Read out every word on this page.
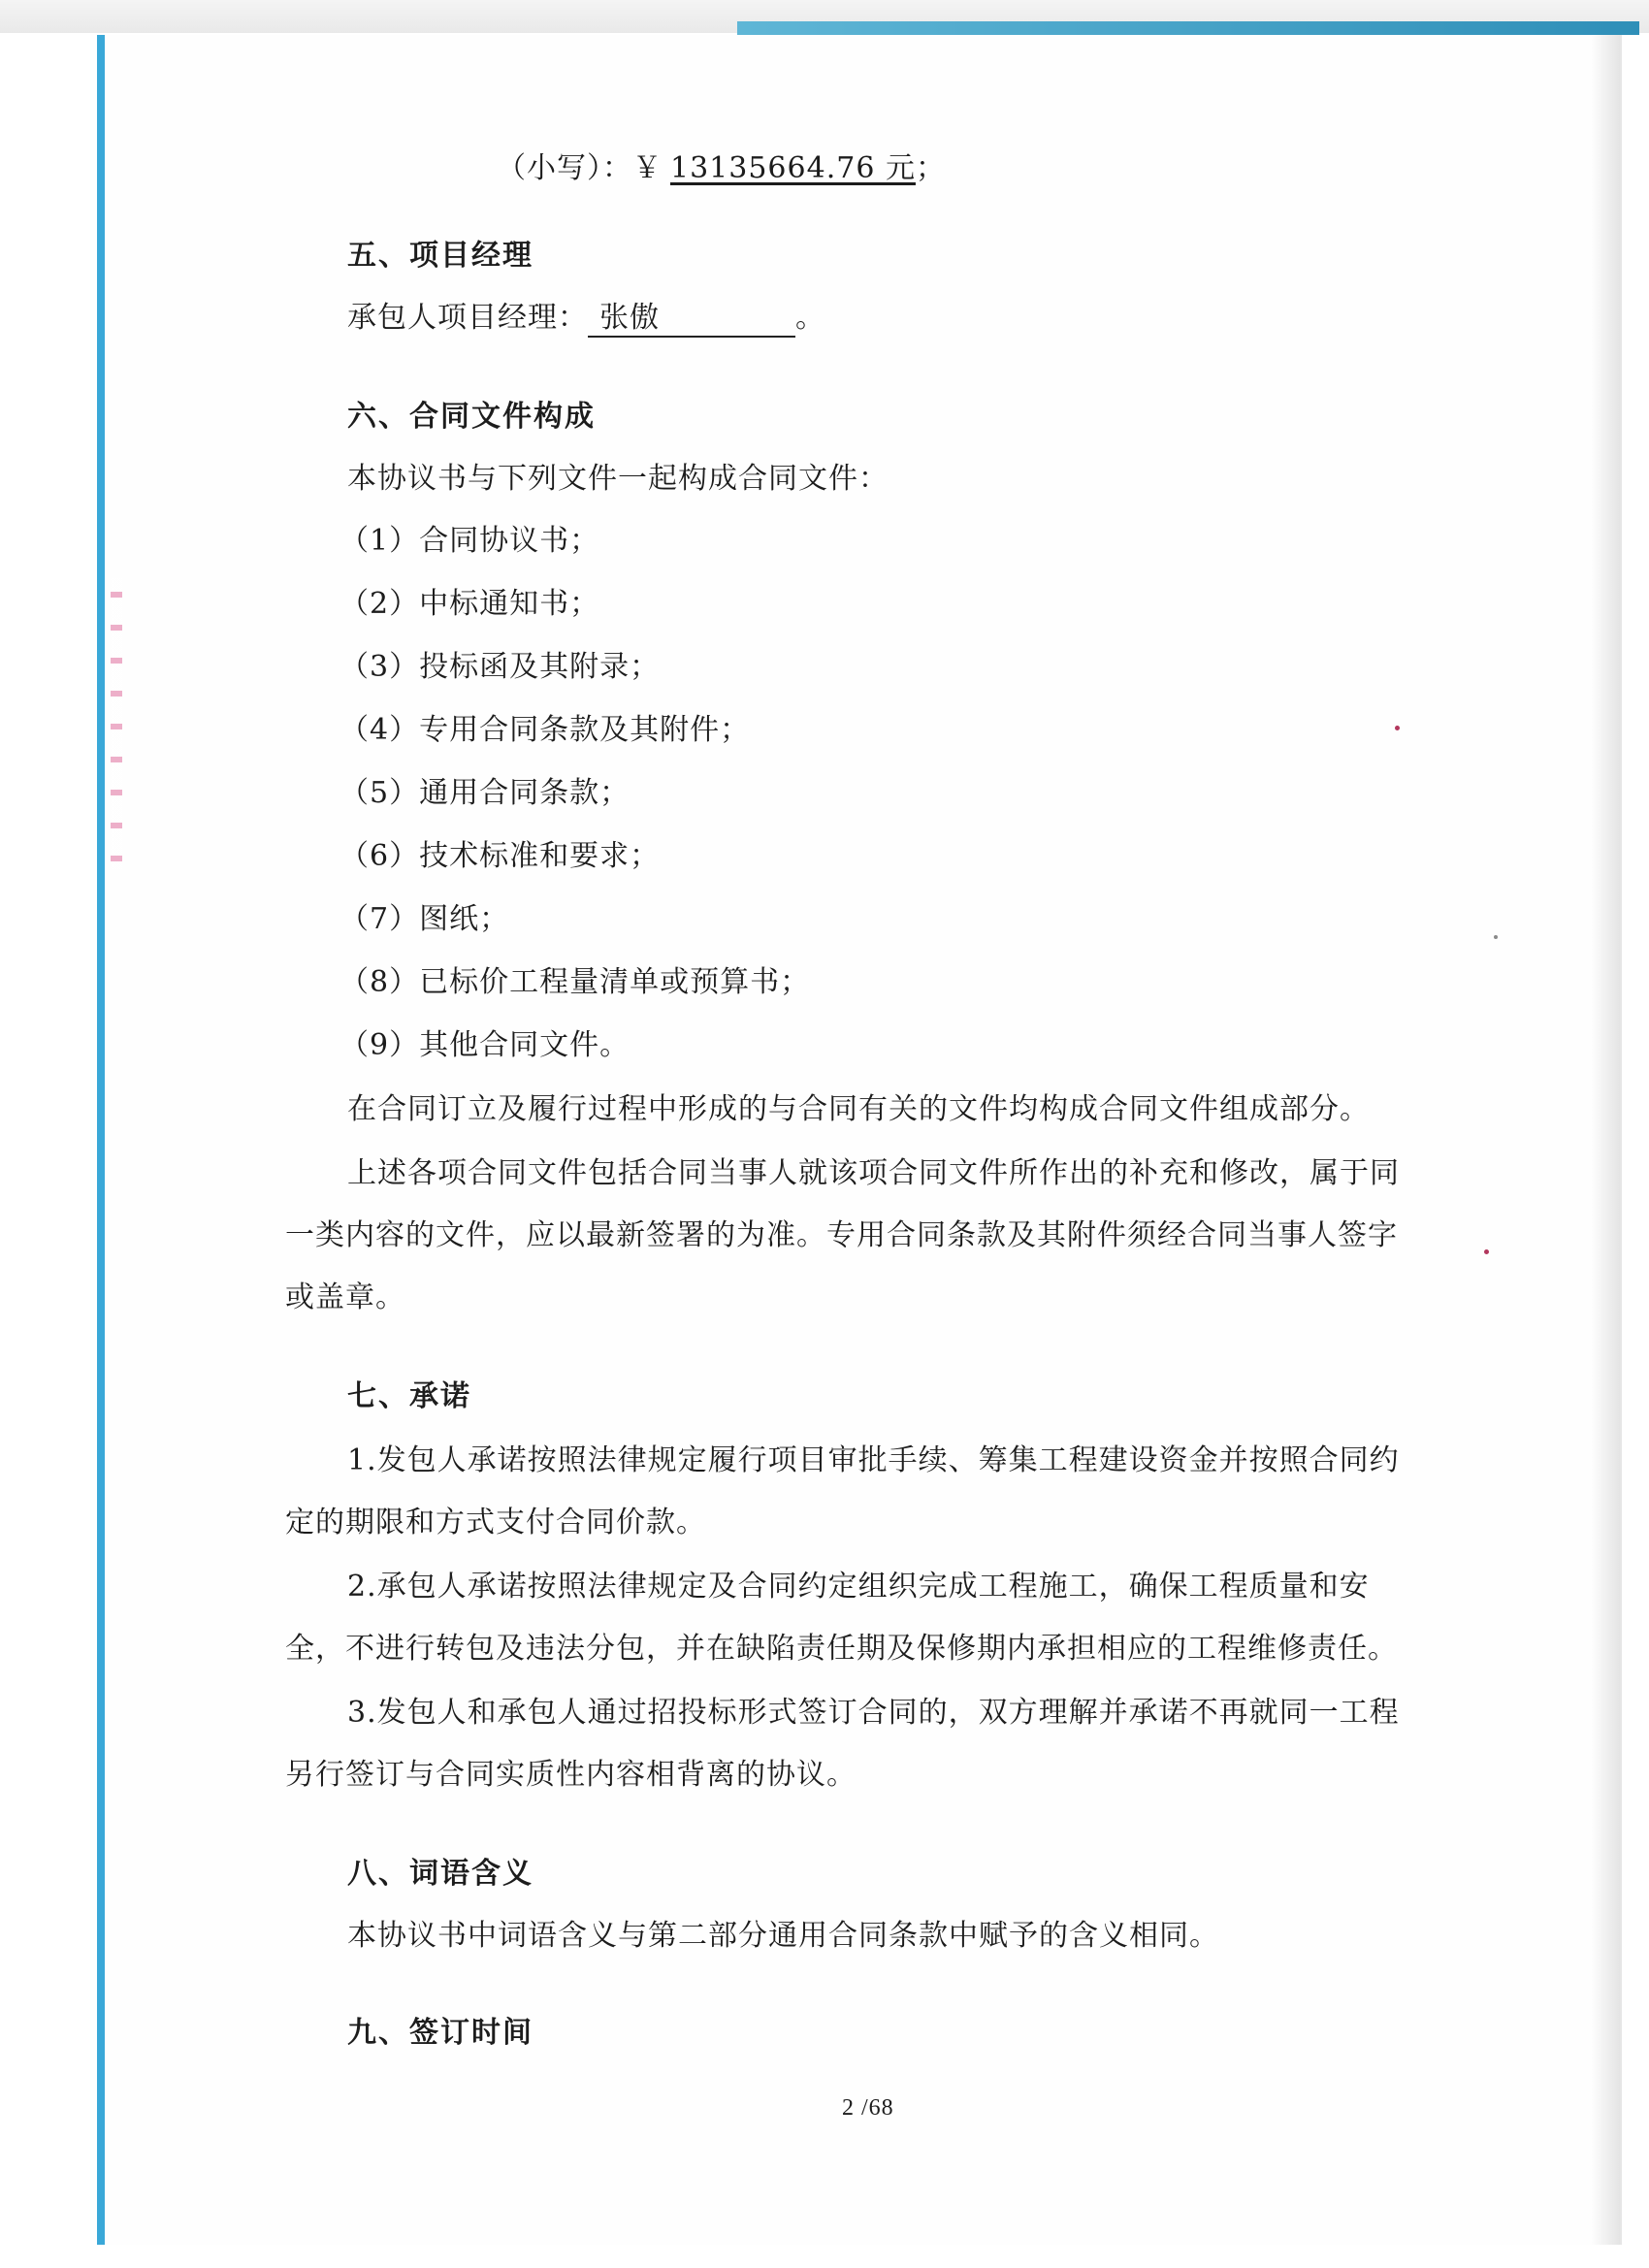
（小写）：￥ 13135664.76 元；
五、项目经理
承包人项目经理： 张傲	。
六、合同文件构成
本协议书与下列文件一起构成合同文件：
（1）合同协议书；
（2）中标通知书；
（3）投标函及其附录；
（4）专用合同条款及其附件；
（5）通用合同条款；
（6）技术标准和要求；
（7）图纸；
（8）已标价工程量清单或预算书；
（9）其他合同文件。
在合同订立及履行过程中形成的与合同有关的文件均构成合同文件组成部分。
上述各项合同文件包括合同当事人就该项合同文件所作出的补充和修改，属于同
一类内容的文件，应以最新签署的为准。专用合同条款及其附件须经合同当事人签字
或盖章。
七、承诺
1.发包人承诺按照法律规定履行项目审批手续、筹集工程建设资金并按照合同约
定的期限和方式支付合同价款。
2.承包人承诺按照法律规定及合同约定组织完成工程施工，确保工程质量和安
全，不进行转包及违法分包，并在缺陷责任期及保修期内承担相应的工程维修责任。
3.发包人和承包人通过招投标形式签订合同的，双方理解并承诺不再就同一工程
另行签订与合同实质性内容相背离的协议。
八、词语含义
本协议书中词语含义与第二部分通用合同条款中赋予的含义相同。
九、签订时间
2 /68
